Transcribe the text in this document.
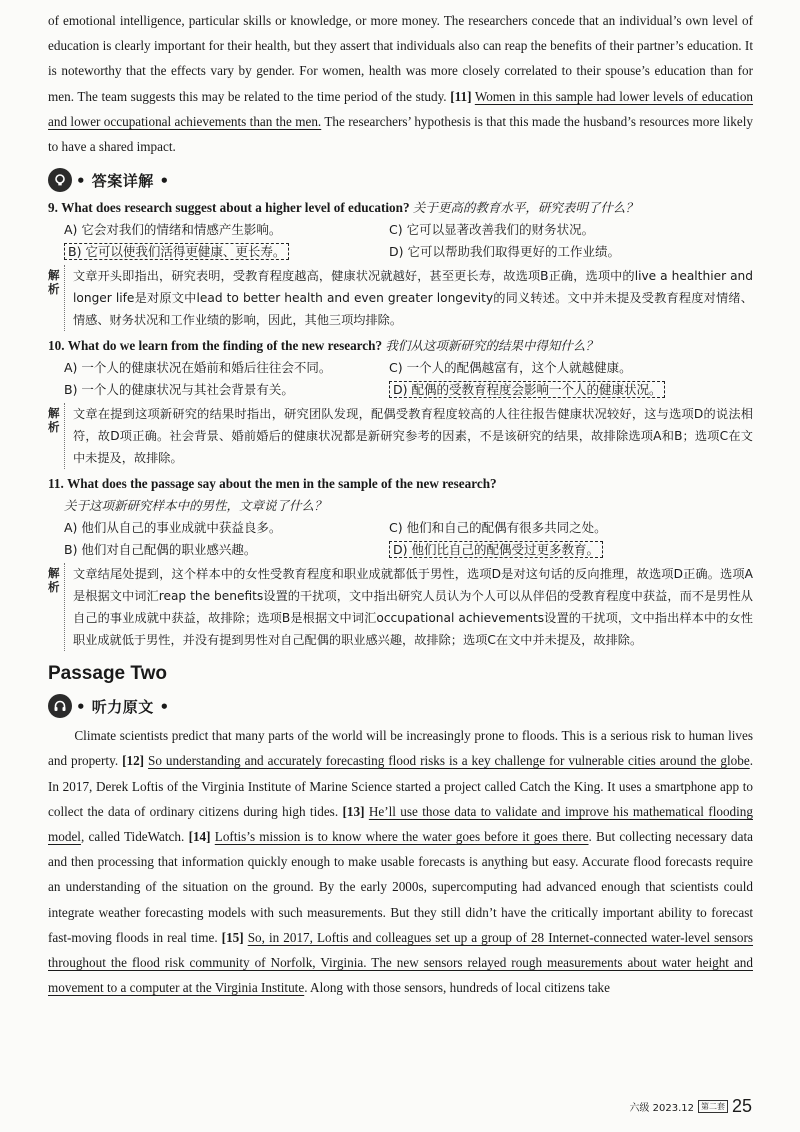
of emotional intelligence, particular skills or knowledge, or more money. The researchers concede that an individual’s own level of education is clearly important for their health, but they assert that individuals also can reap the benefits of their partner’s education. It is noteworthy that the effects vary by gender. For women, health was more closely correlated to their spouse’s education than for men. The team suggests this may be related to the time period of the study. [11] Women in this sample had lower levels of education and lower occupational achievements than the men. The researchers’ hypothesis is that this made the husband’s resources more likely to have a shared impact.

• 答案详解 •

9. What does research suggest about a higher level of education? 关于更高的教育水平，研究表明了什么？

A) 它会对我们的情绪和情感产生影响。	C) 它可以显著改善我们的财务状况。
B) 它可以使我们活得更健康、更长寿。	D) 它可以帮助我们取得更好的工作业绩。
解析
文章开头即指出，研究表明，受教育程度越高，健康状况就越好，甚至更长寿，故选项B正确，选项中的live a healthier and longer life是对原文中lead to better health and even greater longevity的同义转述。文中并未提及受教育程度对情绪、情感、财务状况和工作业绩的影响，因此，其他三项均排除。

10. What do we learn from the finding of the new research? 我们从这项新研究的结果中得知什么？

A) 一个人的健康状况在婚前和婚后往往会不同。	C) 一个人的配偶越富有，这个人就越健康。
B) 一个人的健康状况与其社会背景有关。	D) 配偶的受教育程度会影响一个人的健康状况。
解析
文章在提到这项新研究的结果时指出，研究团队发现，配偶受教育程度较高的人往往报告健康状况较好，这与选项D的说法相符，故D项正确。社会背景、婚前婚后的健康状况都是新研究参考的因素，不是该研究的结果，故排除选项A和B；选项C在文中未提及，故排除。

11. What does the passage say about the men in the sample of the new research?
关于这项新研究样本中的男性，文章说了什么？

A) 他们从自己的事业成就中获益良多。	C) 他们和自己的配偶有很多共同之处。
B) 他们对自己配偶的职业感兴趣。	D) 他们比自己的配偶受过更多教育。
解析
文章结尾处提到，这个样本中的女性受教育程度和职业成就都低于男性，选项D是对这句话的反向推理，故选项D正确。选项A是根据文中词汇reap the benefits设置的干扰项，文中指出研究人员认为个人可以从伴侣的受教育程度中获益，而不是男性从自己的事业成就中获益，故排除；选项B是根据文中词汇occupational achievements设置的干扰项，文中指出样本中的女性职业成就低于男性，并没有提到男性对自己配偶的职业感兴趣，故排除；选项C在文中并未提及，故排除。
Passage Two
• 听力原文 •

Climate scientists predict that many parts of the world will be increasingly prone to floods. This is a serious risk to human lives and property. [12] So understanding and accurately forecasting flood risks is a key challenge for vulnerable cities around the globe. In 2017, Derek Loftis of the Virginia Institute of Marine Science started a project called Catch the King. It uses a smartphone app to collect the data of ordinary citizens during high tides. [13] He’ll use those data to validate and improve his mathematical flooding model, called TideWatch. [14] Loftis’s mission is to know where the water goes before it goes there. But collecting necessary data and then processing that information quickly enough to make usable forecasts is anything but easy. Accurate flood forecasts require an understanding of the situation on the ground. By the early 2000s, supercomputing had advanced enough that scientists could integrate weather forecasting models with such measurements. But they still didn’t have the critically important ability to forecast fast-moving floods in real time. [15] So, in 2017, Loftis and colleagues set up a group of 28 Internet-connected water-level sensors throughout the flood risk community of Norfolk, Virginia. The new sensors relayed rough measurements about water height and movement to a computer at the Virginia Institute. Along with those sensors, hundreds of local citizens take

六级 2023.12 第二套 25
